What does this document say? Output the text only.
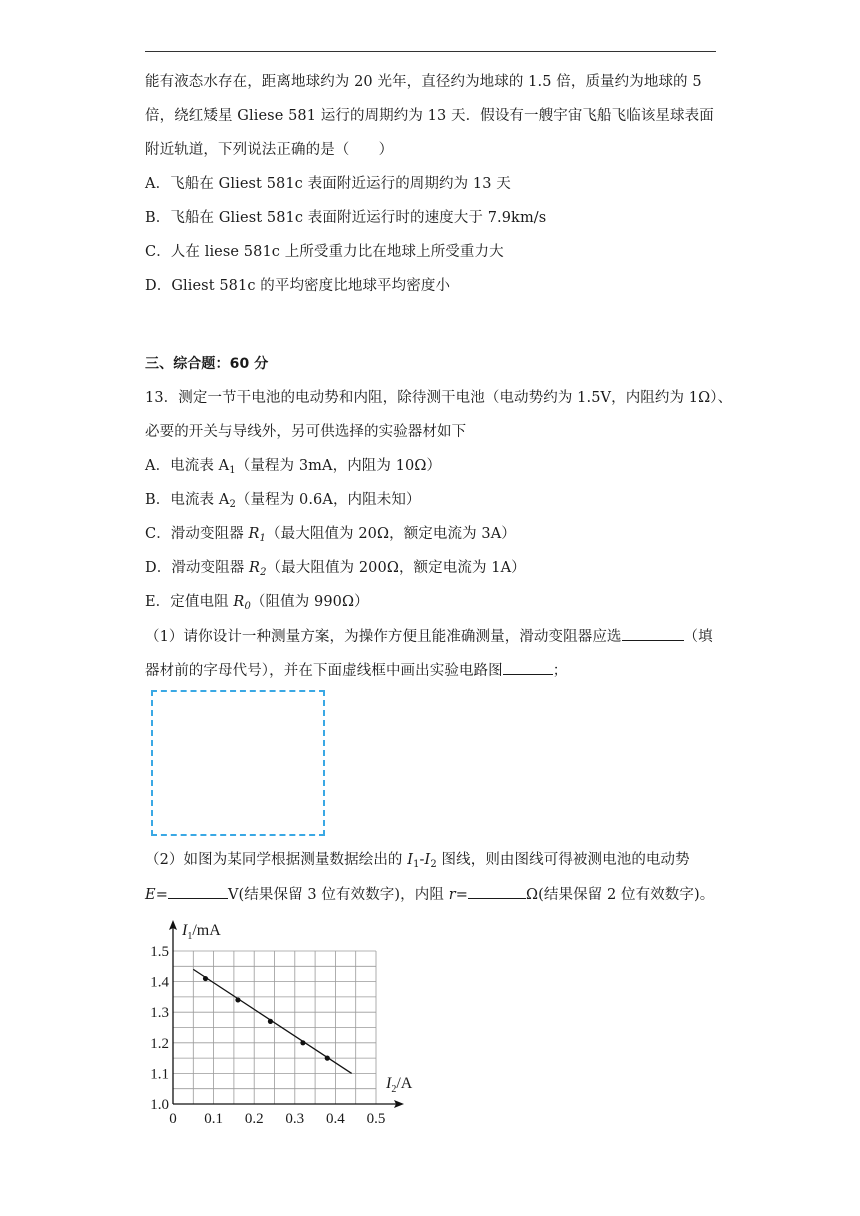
能有液态水存在，距离地球约为 20 光年，直径约为地球的 1.5 倍，质量约为地球的 5
倍，绕红矮星 Gliese 581 运行的周期约为 13 天．假设有一艘宇宙飞船飞临该星球表面
附近轨道，下列说法正确的是（　　）
A．飞船在 Gliest 581c 表面附近运行的周期约为 13 天
B．飞船在 Gliest 581c 表面附近运行时的速度大于 7.9km/s
C．人在 liese 581c 上所受重力比在地球上所受重力大
D．Gliest 581c 的平均密度比地球平均密度小
三、综合题：60 分
13．测定一节干电池的电动势和内阻，除待测干电池（电动势约为 1.5V，内阻约为 1Ω）、
必要的开关与导线外，另可供选择的实验器材如下
A．电流表 $A_1$（量程为 3mA，内阻为 10Ω）
B．电流表 $A_2$（量程为 0.6A，内阻未知）
C．滑动变阻器 $R_1$（最大阻值为 20Ω，额定电流为 3A）
D．滑动变阻器 $R_2$（最大阻值为 200Ω，额定电流为 1A）
E．定值电阻 $R_0$（阻值为 990Ω）
（1）请你设计一种测量方案，为操作方便且能准确测量，滑动变阻器应选	（填
器材前的字母代号），并在下面虚线框中画出实验电路图	；
（2）如图为某同学根据测量数据绘出的 $I_1-I_2$ 图线，则由图线可得被测电池的电动势
E=	V(结果保留 3 位有效数字)，内阻 r=	Ω(结果保留 2 位有效数字)。
0 0.1 0.2 0.3 0.4 0.5
1.0
1.1
1.2
1.3
1.4
1.5
$I_1/mA$
$I_2/A$
